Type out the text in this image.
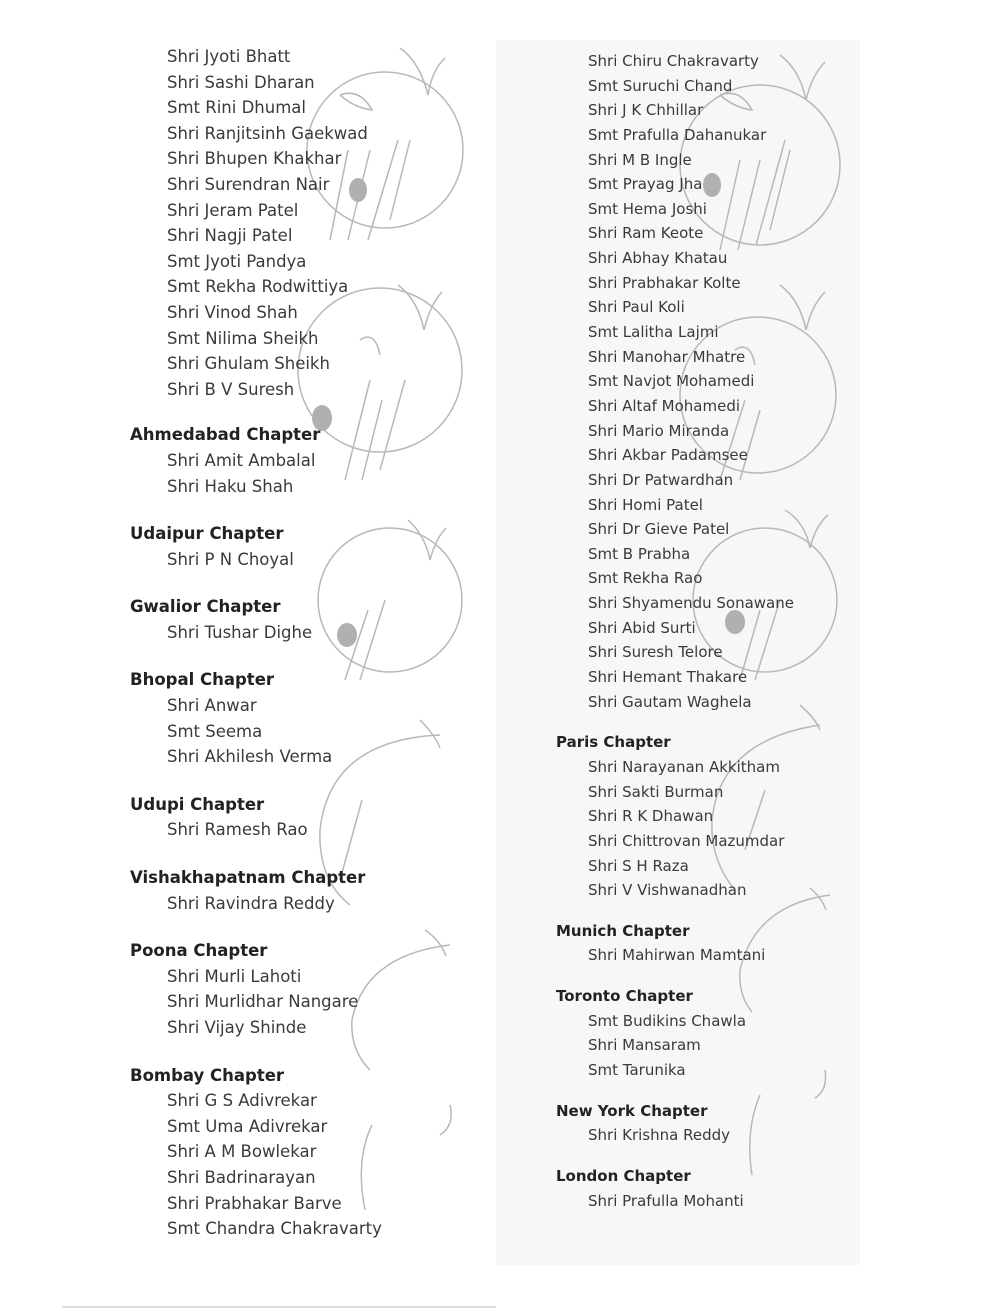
Shri Jyoti Bhatt
Shri Sashi Dharan
Smt Rini Dhumal
Shri Ranjitsinh Gaekwad
Shri Bhupen Khakhar
Shri Surendran Nair
Shri Jeram Patel
Shri Nagji Patel
Smt Jyoti Pandya
Smt Rekha Rodwittiya
Shri Vinod Shah
Smt Nilima Sheikh
Shri Ghulam Sheikh
Shri B V Suresh
Ahmedabad Chapter
Shri Amit Ambalal
Shri Haku Shah
Udaipur Chapter
Shri P N Choyal
Gwalior Chapter
Shri Tushar Dighe
Bhopal Chapter
Shri Anwar
Smt Seema
Shri Akhilesh Verma
Udupi Chapter
Shri Ramesh Rao
Vishakhapatnam Chapter
Shri Ravindra Reddy
Poona Chapter
Shri Murli Lahoti
Shri Murlidhar Nangare
Shri Vijay Shinde
Bombay Chapter
Shri G S Adivrekar
Smt Uma Adivrekar
Shri A M Bowlekar
Shri Badrinarayan
Shri Prabhakar Barve
Smt Chandra Chakravarty
Shri Chiru Chakravarty
Smt Suruchi Chand
Shri J K Chhillar
Smt Prafulla Dahanukar
Shri M B Ingle
Smt Prayag Jha
Smt Hema Joshi
Shri Ram Keote
Shri Abhay Khatau
Shri Prabhakar Kolte
Shri Paul Koli
Smt Lalitha Lajmi
Shri Manohar Mhatre
Smt Navjot Mohamedi
Shri Altaf Mohamedi
Shri Mario Miranda
Shri Akbar Padamsee
Shri Dr Patwardhan
Shri Homi Patel
Shri Dr Gieve Patel
Smt B Prabha
Smt Rekha Rao
Shri Shyamendu Sonawane
Shri Abid Surti
Shri Suresh Telore
Shri Hemant Thakare
Shri Gautam Waghela
Paris Chapter
Shri Narayanan Akkitham
Shri Sakti Burman
Shri R K Dhawan
Shri Chittrovan Mazumdar
Shri S H Raza
Shri V Vishwanadhan
Munich Chapter
Shri Mahirwan Mamtani
Toronto Chapter
Smt Budikins Chawla
Shri Mansaram
Smt Tarunika
New York Chapter
Shri Krishna Reddy
London Chapter
Shri Prafulla Mohanti
